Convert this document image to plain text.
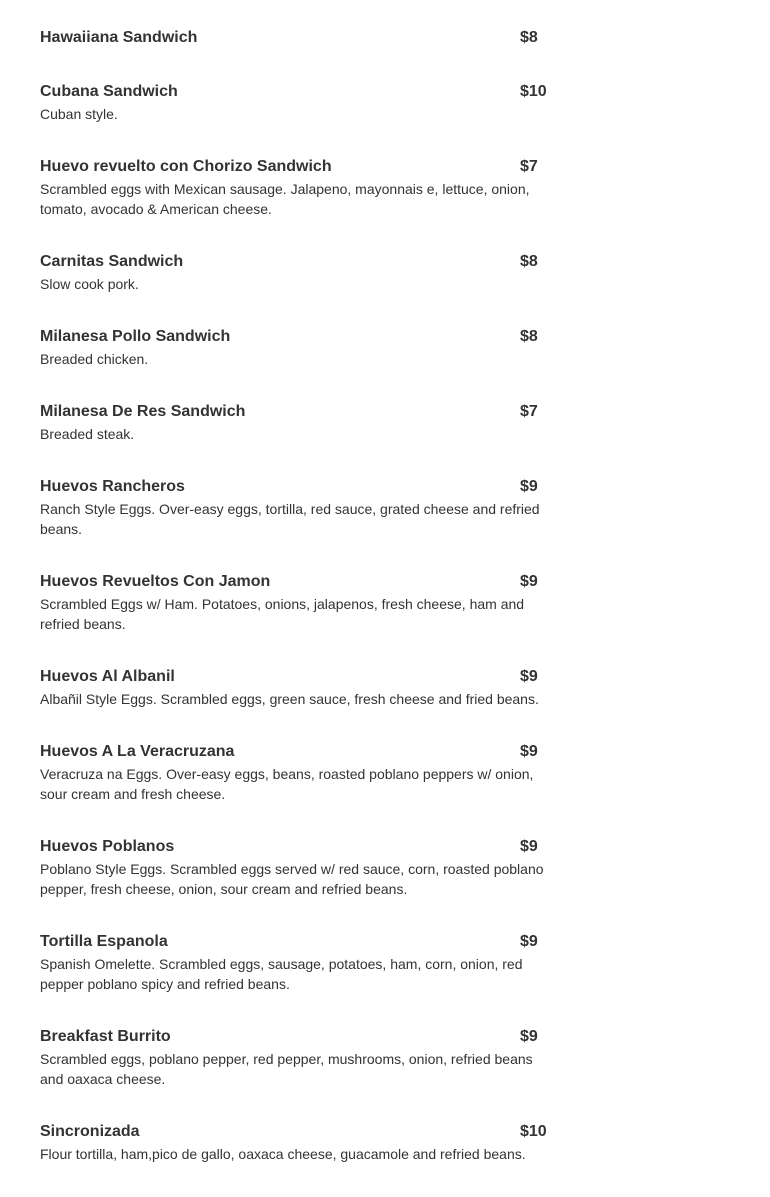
Hawaiiana Sandwich	$8
Cubana Sandwich	$10
Cuban style.
Huevo revuelto con Chorizo Sandwich	$7
Scrambled eggs with Mexican sausage. Jalapeno, mayonnais e, lettuce, onion, tomato, avocado & American cheese.
Carnitas Sandwich	$8
Slow cook pork.
Milanesa Pollo Sandwich	$8
Breaded chicken.
Milanesa De Res Sandwich	$7
Breaded steak.
Huevos Rancheros	$9
Ranch Style Eggs. Over-easy eggs, tortilla, red sauce, grated cheese and refried beans.
Huevos Revueltos Con Jamon	$9
Scrambled Eggs w/ Ham. Potatoes, onions, jalapenos, fresh cheese, ham and refried beans.
Huevos Al Albanil	$9
Albañil Style Eggs. Scrambled eggs, green sauce, fresh cheese and fried beans.
Huevos A La Veracruzana	$9
Veracruza na Eggs. Over-easy eggs, beans, roasted poblano peppers w/ onion, sour cream and fresh cheese.
Huevos Poblanos	$9
Poblano Style Eggs. Scrambled eggs served w/ red sauce, corn, roasted poblano pepper, fresh cheese, onion, sour cream and refried beans.
Tortilla Espanola	$9
Spanish Omelette. Scrambled eggs, sausage, potatoes, ham, corn, onion, red pepper poblano spicy and refried beans.
Breakfast Burrito	$9
Scrambled eggs, poblano pepper, red pepper, mushrooms, onion, refried beans and oaxaca cheese.
Sincronizada	$10
Flour tortilla, ham,pico de gallo, oaxaca cheese, guacamole and refried beans.
